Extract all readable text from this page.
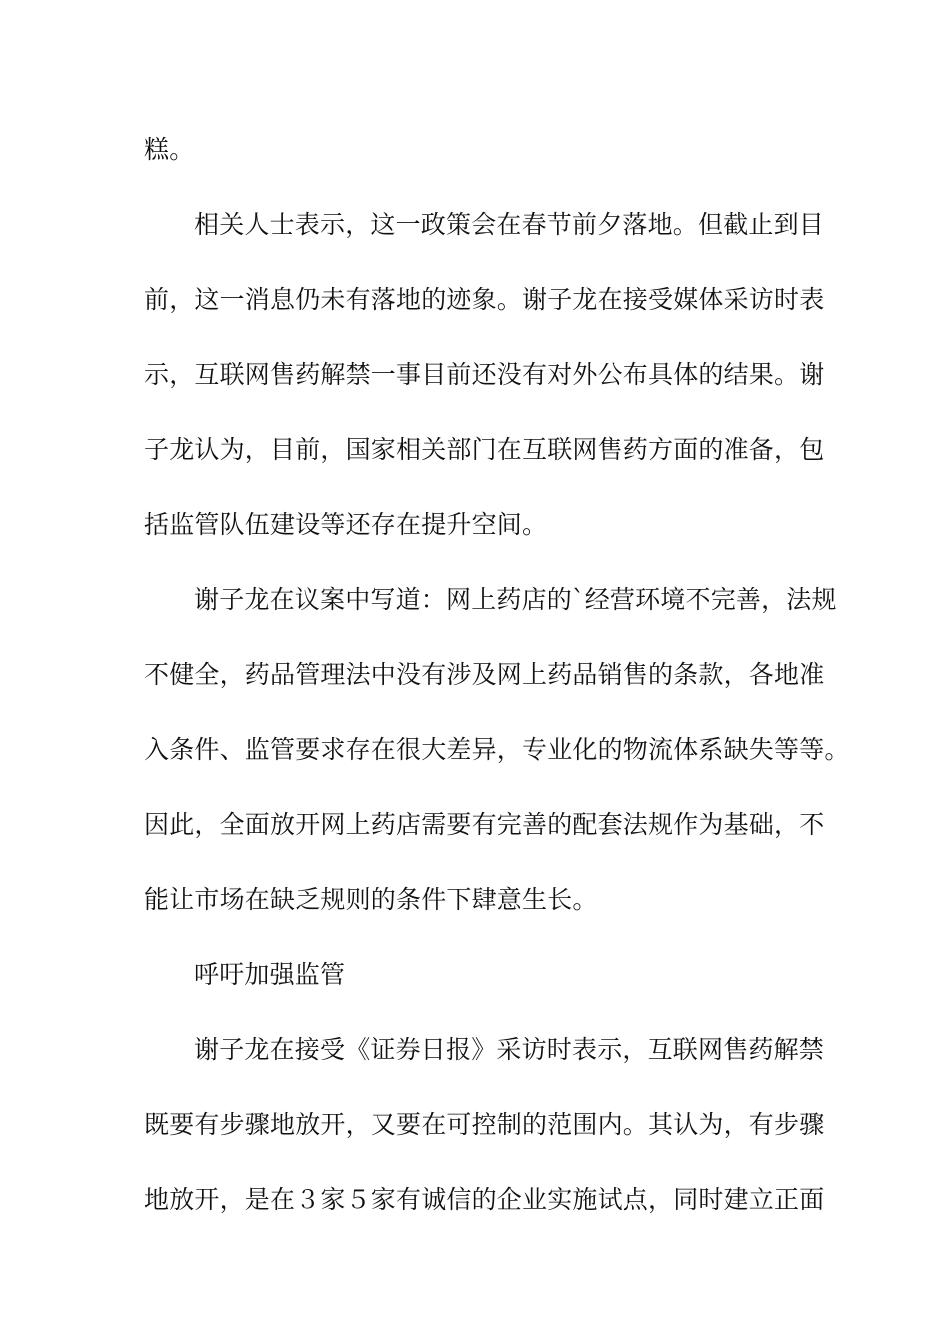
糕。
相关人士表示，这一政策会在春节前夕落地。但截止到目
前，这一消息仍未有落地的迹象。谢子龙在接受媒体采访时表
示，互联网售药解禁一事目前还没有对外公布具体的结果。谢
子龙认为，目前，国家相关部门在互联网售药方面的准备，包
括监管队伍建设等还存在提升空间。
谢子龙在议案中写道：网上药店的`经营环境不完善，法规
不健全，药品管理法中没有涉及网上药品销售的条款，各地准
入条件、监管要求存在很大差异，专业化的物流体系缺失等等。
因此，全面放开网上药店需要有完善的配套法规作为基础，不
能让市场在缺乏规则的条件下肆意生长。
呼吁加强监管
谢子龙在接受《证券日报》采访时表示，互联网售药解禁
既要有步骤地放开，又要在可控制的范围内。其认为，有步骤
地放开，是在３家５家有诚信的企业实施试点，同时建立正面
